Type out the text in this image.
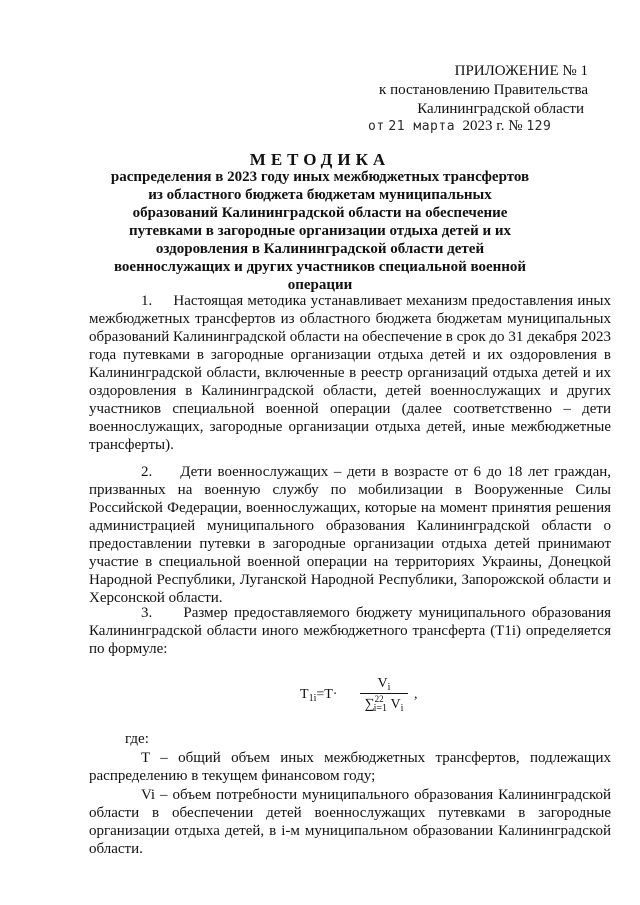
ПРИЛОЖЕНИЕ № 1
к постановлению Правительства
Калининградской области
от 21 марта 2023 г. № 129
МЕТОДИКА
распределения в 2023 году иных межбюджетных трансфертов из областного бюджета бюджетам муниципальных образований Калининградской области на обеспечение путевками в загородные организации отдыха детей и их оздоровления в Калининградской области детей военнослужащих и других участников специальной военной операции
1.     Настоящая методика устанавливает механизм предоставления иных межбюджетных трансфертов из областного бюджета бюджетам муниципальных образований Калининградской области на обеспечение в срок до 31 декабря 2023 года путевками в загородные организации отдыха детей и их оздоровления в Калининградской области, включенные в реестр организаций отдыха детей и их оздоровления в Калининградской области, детей военнослужащих и других участников специальной военной операции (далее соответственно – дети военнослужащих, загородные организации отдыха детей, иные межбюджетные трансферты).
2.     Дети военнослужащих – дети в возрасте от 6 до 18 лет граждан, призванных на военную службу по мобилизации в Вооруженные Силы Российской Федерации, военнослужащих, которые на момент принятия решения администрацией муниципального образования Калининградской области о предоставлении путевки в загородные организации отдыха детей принимают участие в специальной военной операции на территориях Украины, Донецкой Народной Республики, Луганской Народной Республики, Запорожской области и Херсонской области.
3.     Размер предоставляемого бюджету муниципального образования Калининградской области иного межбюджетного трансферта (T1i) определяется по формуле:
$T_{1i}=T\cdot$
$V_i$
∑$^{22}_{i=1}$ $V_i$
,
где:
T – общий объем иных межбюджетных трансфертов, подлежащих распределению в текущем финансовом году;
Vi – объем потребности муниципального образования Калининградской области в обеспечении детей военнослужащих путевками в загородные организации отдыха детей, в i-м муниципальном образовании Калининградской области.
